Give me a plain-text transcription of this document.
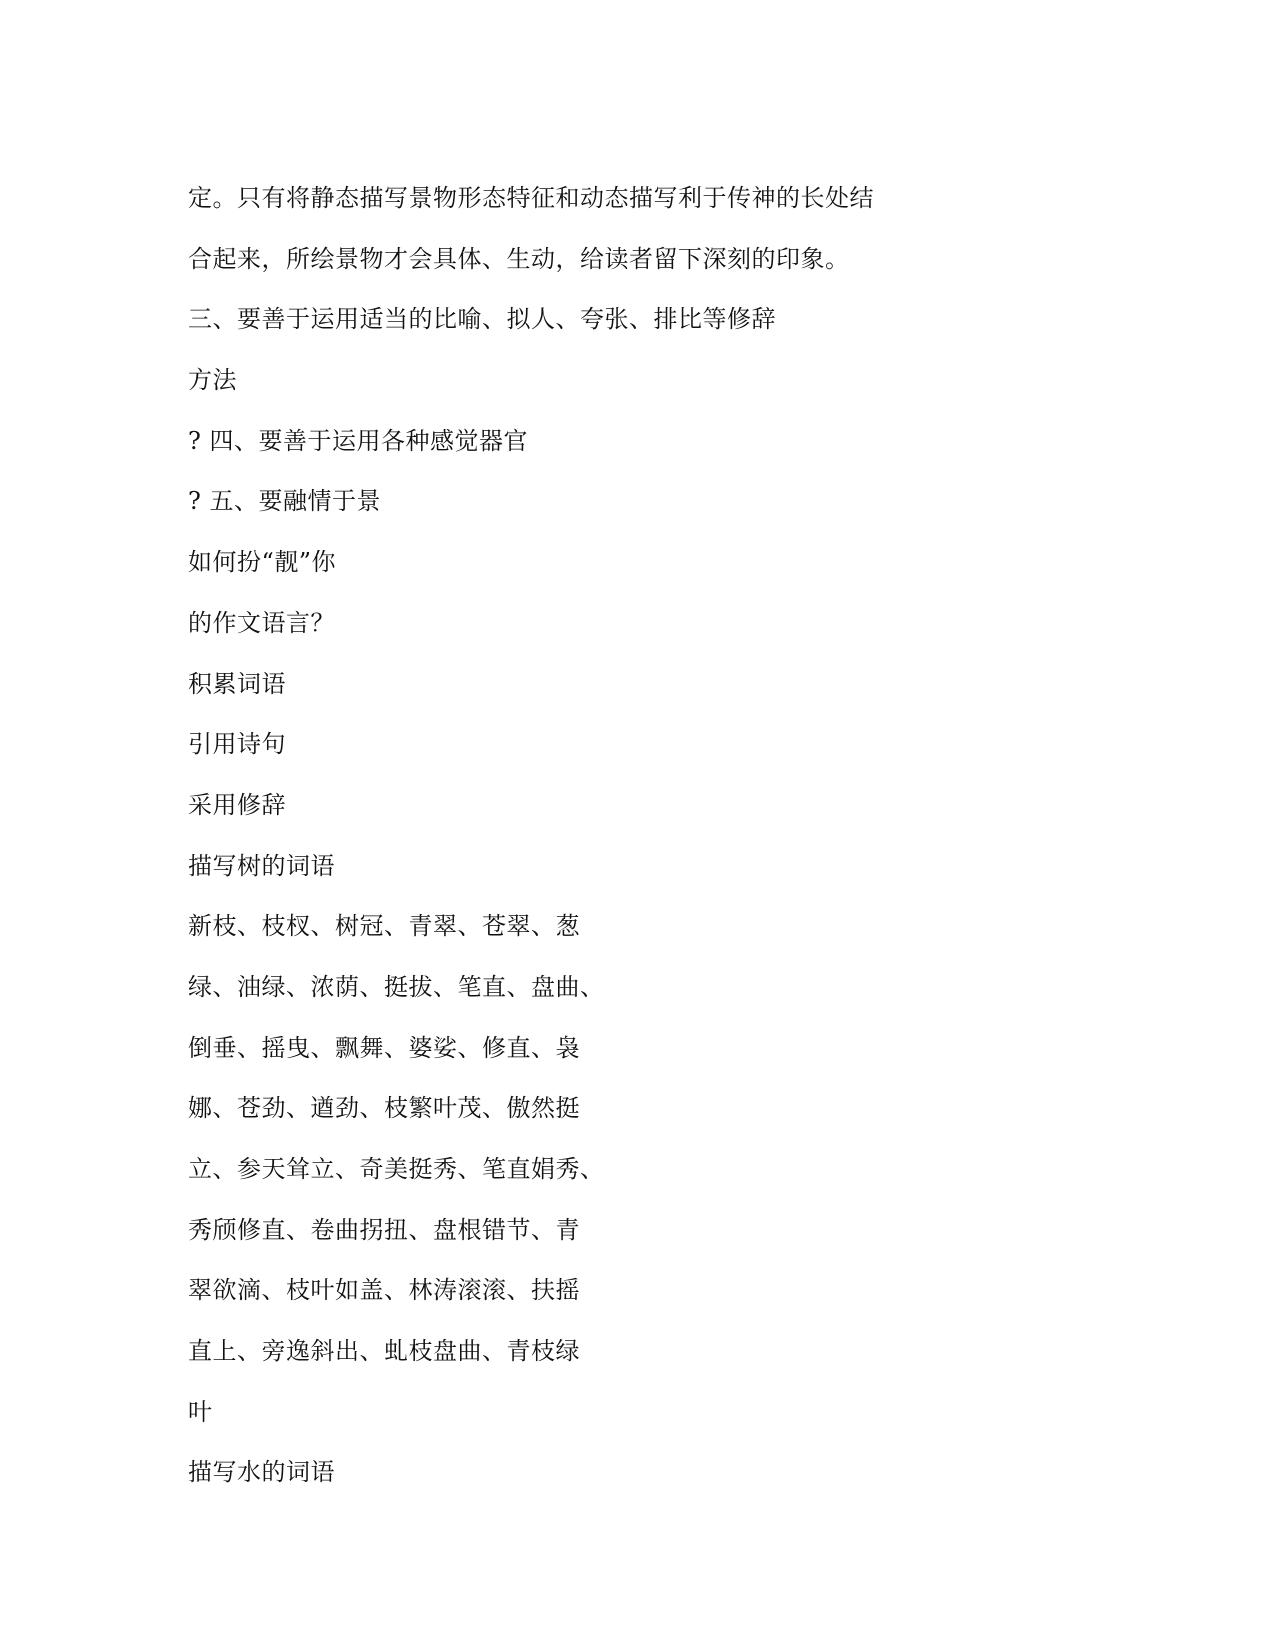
定。只有将静态描写景物形态特征和动态描写利于传神的长处结
合起来，所绘景物才会具体、生动，给读者留下深刻的印象。
三、要善于运用适当的比喻、拟人、夸张、排比等修辞
方法
? 四、要善于运用各种感觉器官
? 五、要融情于景
如何扮“靓”你
的作文语言？
积累词语
引用诗句
采用修辞
描写树的词语
新枝、枝杈、树冠、青翠、苍翠、葱
绿、油绿、浓荫、挺拔、笔直、盘曲、
倒垂、摇曳、飘舞、婆娑、修直、袅
娜、苍劲、遒劲、枝繁叶茂、傲然挺
立、参天耸立、奇美挺秀、笔直娟秀、
秀颀修直、卷曲拐扭、盘根错节、青
翠欲滴、枝叶如盖、林涛滚滚、扶摇
直上、旁逸斜出、虬枝盘曲、青枝绿
叶
描写水的词语
